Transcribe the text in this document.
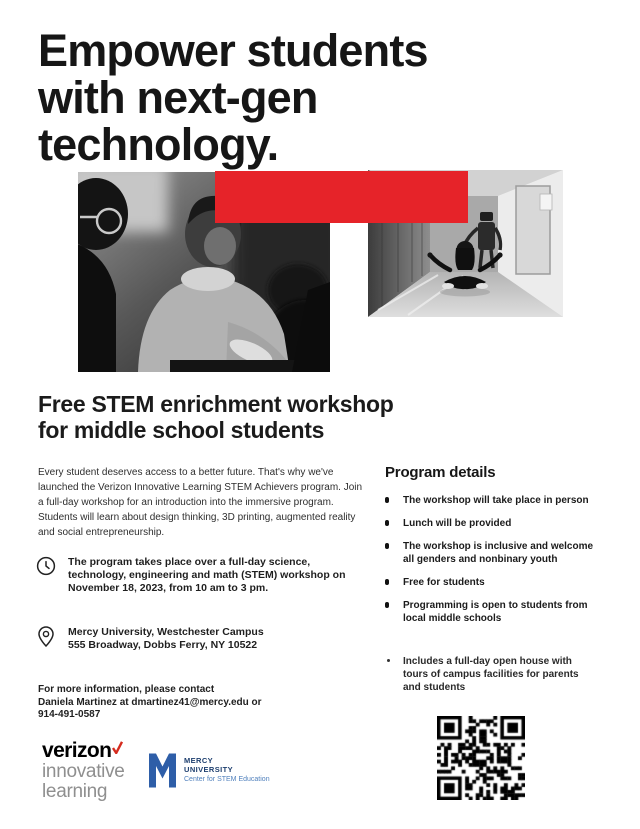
Empower students
with next-gen
technology.
Free STEM enrichment workshop
for middle school students

Every student deserves access to a better future. That's why we've launched the Verizon Innovative Learning STEM Achievers program. Join a full-day workshop for an introduction into the immersive program. Students will learn about design thinking, 3D printing, augmented reality and social entrepreneurship.

The program takes place over a full-day science, technology, engineering and math (STEM) workshop on November 18, 2023, from 10 am to 3 pm.
Mercy University, Westchester Campus
555 Broadway, Dobbs Ferry, NY 10522
For more information, please contact
Daniela Martinez at dmartinez41@mercy.edu or
914-491-0587
verizon
innovative
learning
MERCY
UNIVERSITY
Center for STEM Education
Program details
The workshop will take place in person
Lunch will be provided
The workshop is inclusive and welcome all genders and nonbinary youth
Free for students
Programming is open to students from local middle schools
Includes a full-day open house with tours of campus facilities for parents and students
